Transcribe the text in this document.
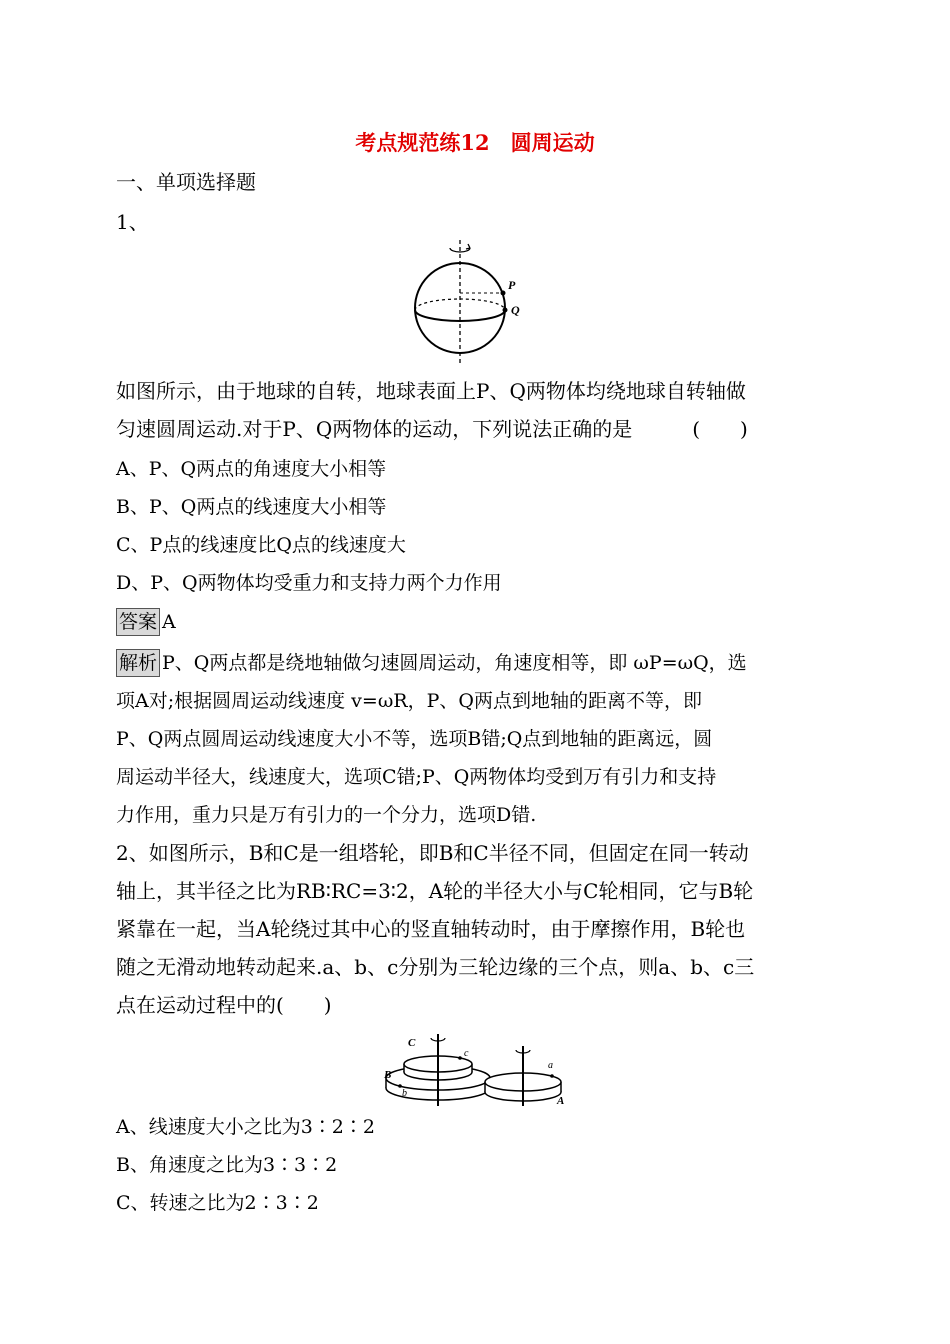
考点规范练12　圆周运动
一、单项选择题
1、
P
Q
如图所示，由于地球的自转，地球表面上P、Q两物体均绕地球自转轴做
匀速圆周运动.对于P、Q两物体的运动，下列说法正确的是　　　(　　)
A、P、Q两点的角速度大小相等
B、P、Q两点的线速度大小相等
C、P点的线速度比Q点的线速度大
D、P、Q两物体均受重力和支持力两个力作用
答案 A
解析 P、Q两点都是绕地轴做匀速圆周运动，角速度相等，即 ωP=ωQ，选
项A对;根据圆周运动线速度 v=ωR，P、Q两点到地轴的距离不等，即
P、Q两点圆周运动线速度大小不等，选项B错;Q点到地轴的距离远，圆
周运动半径大，线速度大，选项C错;P、Q两物体均受到万有引力和支持
力作用，重力只是万有引力的一个分力，选项D错.
2、如图所示，B和C是一组塔轮，即B和C半径不同，但固定在同一转动
轴上，其半径之比为RB∶RC=3∶2，A轮的半径大小与C轮相同，它与B轮
紧靠在一起，当A轮绕过其中心的竖直轴转动时，由于摩擦作用，B轮也
随之无滑动地转动起来.a、b、c分别为三轮边缘的三个点，则a、b、c三
点在运动过程中的(　　)
C
c
B
b
a
A
A、线速度大小之比为3∶2∶2
B、角速度之比为3∶3∶2
C、转速之比为2∶3∶2
